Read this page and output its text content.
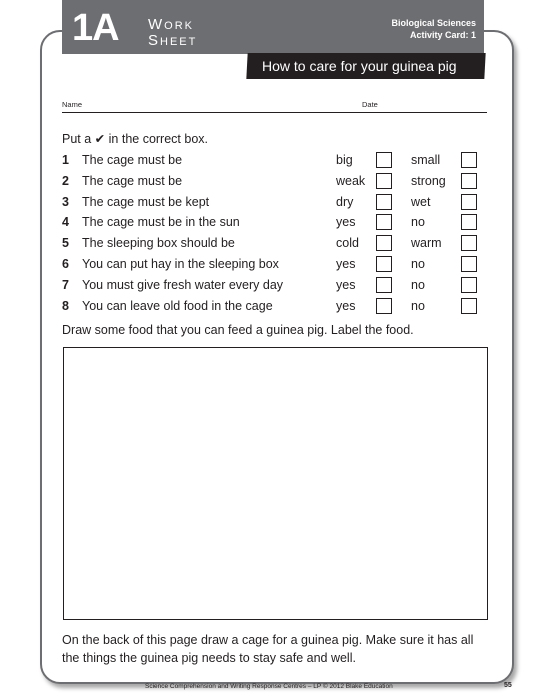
1A Work
Sheet
Biological Sciences
Activity Card: 1
How to care for your guinea pig
Name	Date
Put a ✔ in the correct box.
1 The cage must be	big	small
2 The cage must be	weak	strong
3 The cage must be kept	dry	wet
4 The cage must be in the sun	yes	no
5 The sleeping box should be	cold	warm
6 You can put hay in the sleeping box	yes	no
7 You must give fresh water every day	yes	no
8 You can leave old food in the cage	yes	no
Draw some food that you can feed a guinea pig. Label the food.
On the back of this page draw a cage for a guinea pig. Make sure it has all the things the guinea pig needs to stay safe and well.
Science Comprehension and Writing Response Centres – LP © 2012 Blake Education	55
